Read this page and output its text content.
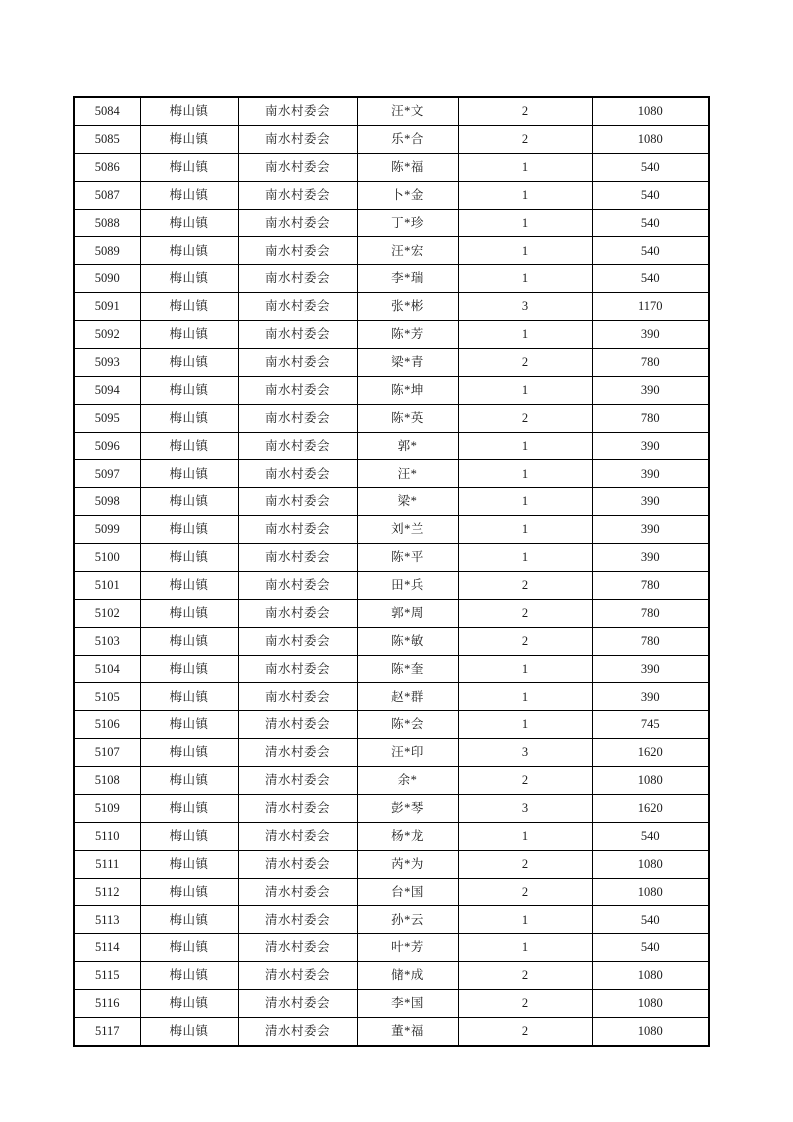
5084	梅山镇	南水村委会	汪*文	2	1080
5085	梅山镇	南水村委会	乐*合	2	1080
5086	梅山镇	南水村委会	陈*福	1	540
5087	梅山镇	南水村委会	卜*金	1	540
5088	梅山镇	南水村委会	丁*珍	1	540
5089	梅山镇	南水村委会	汪*宏	1	540
5090	梅山镇	南水村委会	李*瑞	1	540
5091	梅山镇	南水村委会	张*彬	3	1170
5092	梅山镇	南水村委会	陈*芳	1	390
5093	梅山镇	南水村委会	梁*青	2	780
5094	梅山镇	南水村委会	陈*坤	1	390
5095	梅山镇	南水村委会	陈*英	2	780
5096	梅山镇	南水村委会	郭*	1	390
5097	梅山镇	南水村委会	汪*	1	390
5098	梅山镇	南水村委会	梁*	1	390
5099	梅山镇	南水村委会	刘*兰	1	390
5100	梅山镇	南水村委会	陈*平	1	390
5101	梅山镇	南水村委会	田*兵	2	780
5102	梅山镇	南水村委会	郭*周	2	780
5103	梅山镇	南水村委会	陈*敏	2	780
5104	梅山镇	南水村委会	陈*奎	1	390
5105	梅山镇	南水村委会	赵*群	1	390
5106	梅山镇	清水村委会	陈*会	1	745
5107	梅山镇	清水村委会	汪*印	3	1620
5108	梅山镇	清水村委会	余*	2	1080
5109	梅山镇	清水村委会	彭*琴	3	1620
5110	梅山镇	清水村委会	杨*龙	1	540
5111	梅山镇	清水村委会	芮*为	2	1080
5112	梅山镇	清水村委会	台*国	2	1080
5113	梅山镇	清水村委会	孙*云	1	540
5114	梅山镇	清水村委会	叶*芳	1	540
5115	梅山镇	清水村委会	储*成	2	1080
5116	梅山镇	清水村委会	李*国	2	1080
5117	梅山镇	清水村委会	董*福	2	1080
